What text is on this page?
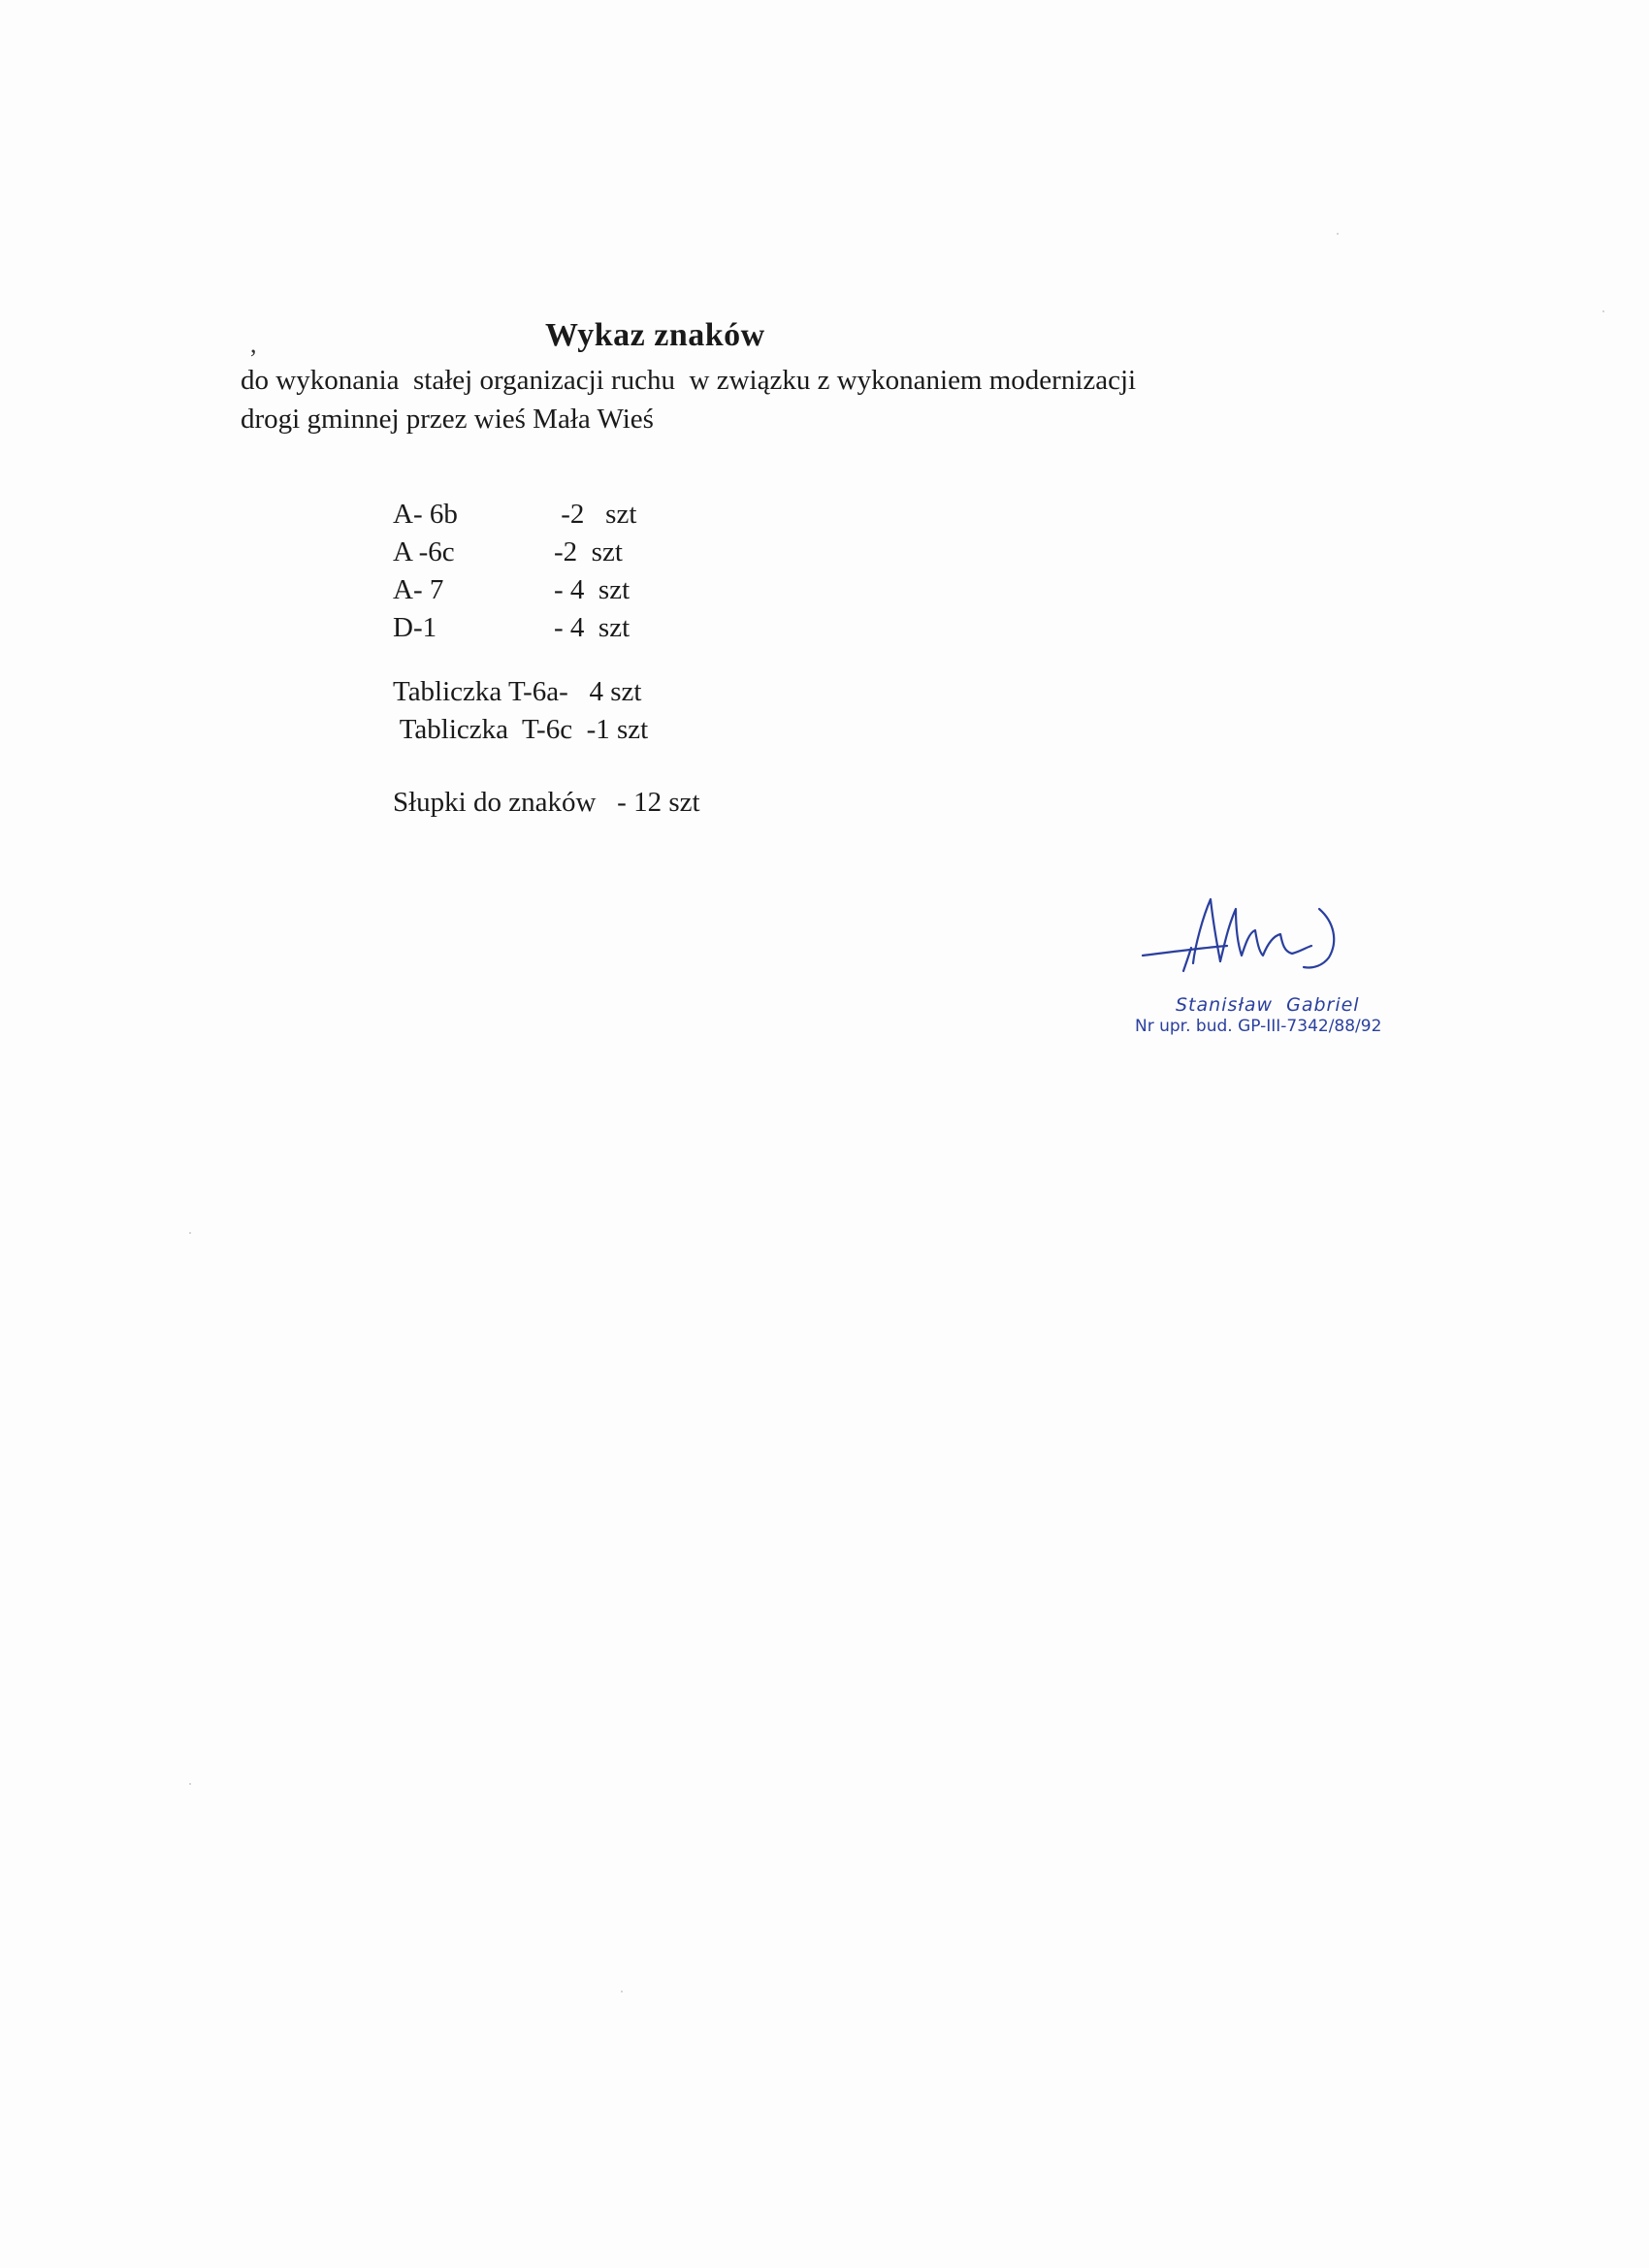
,	Wykaz znaków

do wykonania  stałej organizacji ruchu  w związku z wykonaniem modernizacji
drogi gminnej przez wieś Mała Wieś

A- 6b	-2   szt
A -6c	-2  szt
A- 7	- 4  szt
D-1	- 4  szt
Tabliczka T-6a-   4 szt
Tabliczka  T-6c  -1 szt
Słupki do znaków   - 12 szt
Stanisław  Gabriel
Nr upr. bud. GP-III-7342/88/92
